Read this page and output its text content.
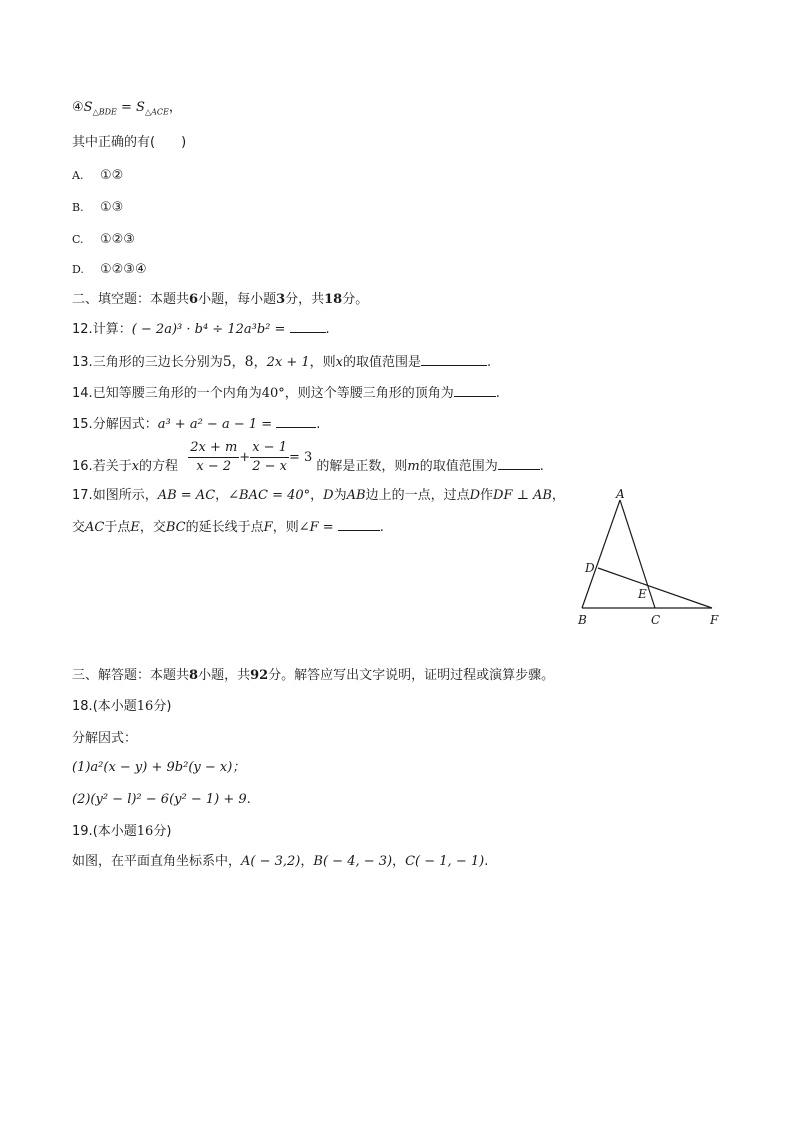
$④S_{\triangle BDE} = S_{\triangle ACE}$，
其中正确的有(　　)
A. ①②
B. ①③
C. ①②③
D. ①②③④
二、填空题：本题共6小题，每小题3分，共18分。
12.计算：( − 2a)³ · b⁴ ÷ 12a³b² =	.
13.三角形的三边长分别为5，8，2x + 1，则x的取值范围是	.
14.已知等腰三角形的一个内角为40°，则这个等腰三角形的顶角为	.
15.分解因式：a³ + a² − a − 1 =	.
16.若关于x的方程 $\frac{2x + m}{x - 2} + \frac{x - 1}{2 - x} = 3$ 的解是正数，则m的取值范围为	.
17.如图所示，AB = AC，∠BAC = 40°，D为AB边上的一点，过点D作DF ⊥ AB，
交AC于点E，交BC的延长线于点F，则∠F =	.
A
B	C
D
E
F
三、解答题：本题共8小题，共92分。解答应写出文字说明，证明过程或演算步骤。
18.(本小题16分)
分解因式：
(1)a²(x − y) + 9b²(y − x)；
(2)(y² − l)² − 6(y² − 1) + 9.
19.(本小题16分)
如图，在平面直角坐标系中，A( − 3,2)，B( − 4, − 3)，C( − 1, − 1).
